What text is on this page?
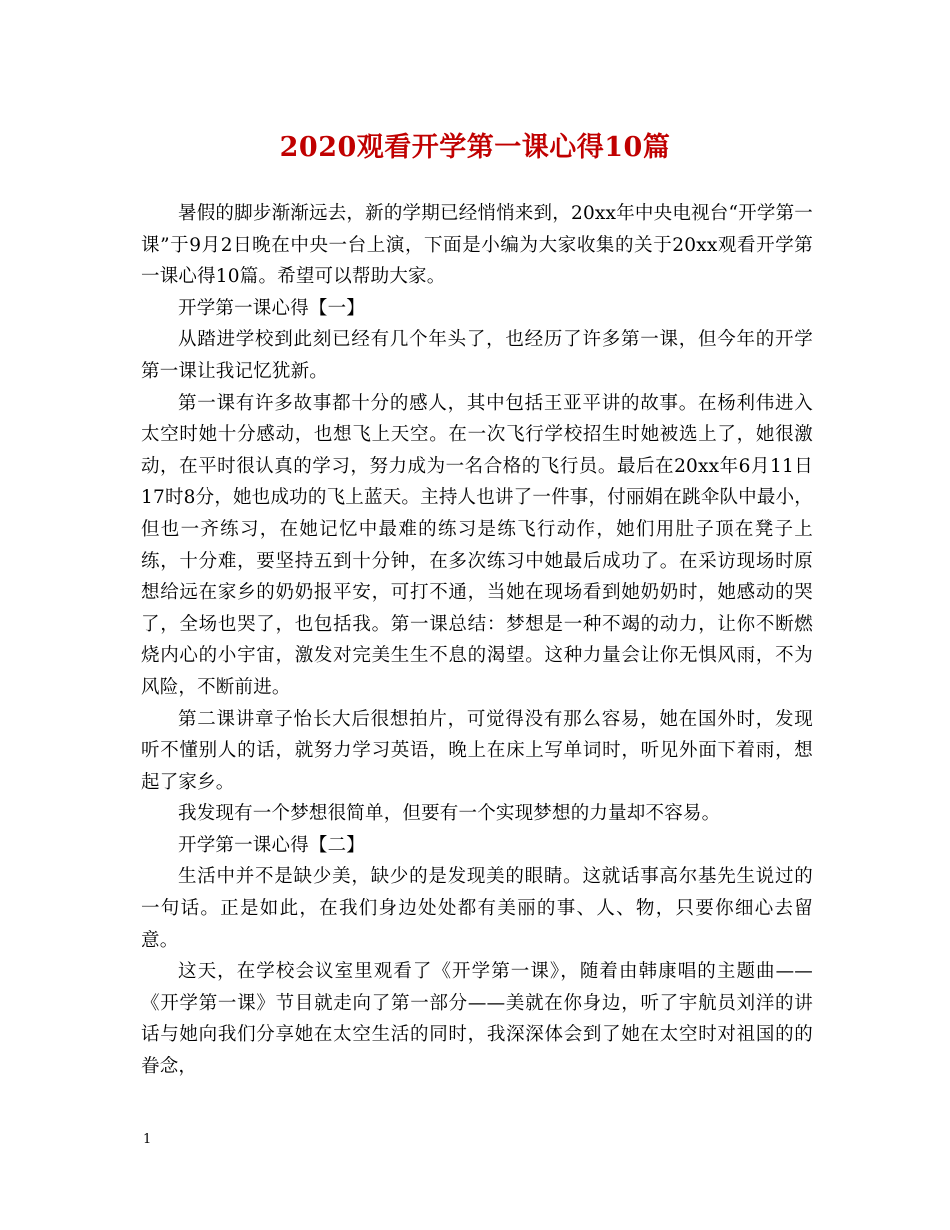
2020观看开学第一课心得10篇

暑假的脚步渐渐远去，新的学期已经悄悄来到，20xx年中央电视台“开学第一课”于9月2日晚在中央一台上演，下面是小编为大家收集的关于20xx观看开学第一课心得10篇。希望可以帮助大家。

开学第一课心得【一】

从踏进学校到此刻已经有几个年头了，也经历了许多第一课，但今年的开学第一课让我记忆犹新。

第一课有许多故事都十分的感人，其中包括王亚平讲的故事。在杨利伟进入太空时她十分感动，也想飞上天空。在一次飞行学校招生时她被选上了，她很激动，在平时很认真的学习，努力成为一名合格的飞行员。最后在20xx年6月11日17时8分，她也成功的飞上蓝天。主持人也讲了一件事，付丽娟在跳伞队中最小，但也一齐练习，在她记忆中最难的练习是练飞行动作，她们用肚子顶在凳子上练，十分难，要坚持五到十分钟，在多次练习中她最后成功了。在采访现场时原想给远在家乡的奶奶报平安，可打不通，当她在现场看到她奶奶时，她感动的哭了，全场也哭了，也包括我。第一课总结：梦想是一种不竭的动力，让你不断燃烧内心的小宇宙，激发对完美生生不息的渴望。这种力量会让你无惧风雨，不为风险，不断前进。

第二课讲章子怡长大后很想拍片，可觉得没有那么容易，她在国外时，发现听不懂别人的话，就努力学习英语，晚上在床上写单词时，听见外面下着雨，想起了家乡。

我发现有一个梦想很简单，但要有一个实现梦想的力量却不容易。

开学第一课心得【二】

生活中并不是缺少美，缺少的是发现美的眼睛。这就话事高尔基先生说过的一句话。正是如此，在我们身边处处都有美丽的事、人、物，只要你细心去留意。

这天，在学校会议室里观看了《开学第一课》，随着由韩康唱的主题曲——《开学第一课》节目就走向了第一部分——美就在你身边，听了宇航员刘洋的讲话与她向我们分享她在太空生活的同时，我深深体会到了她在太空时对祖国的的眷念，

1
